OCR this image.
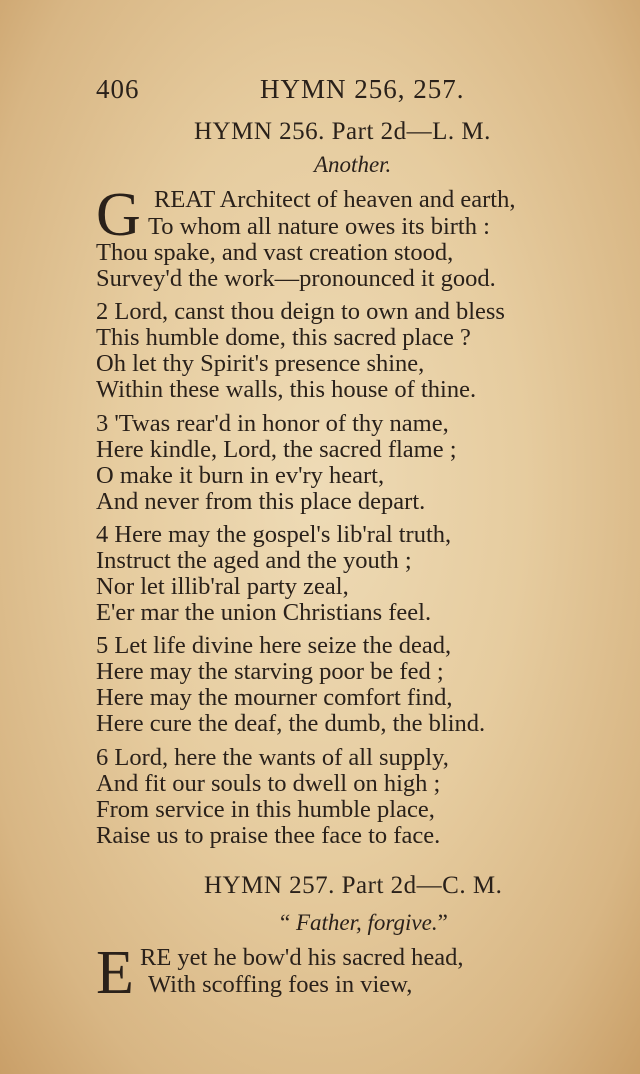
406	HYMN 256, 257.
HYMN 256. Part 2d—L. M.
Another.
G REAT Architect of heaven and earth,
To whom all nature owes its birth :
Thou spake, and vast creation stood,
Survey'd the work—pronounced it good.
2 Lord, canst thou deign to own and bless
This humble dome, this sacred place ?
Oh let thy Spirit's presence shine,
Within these walls, this house of thine.
3 'Twas rear'd in honor of thy name,
Here kindle, Lord, the sacred flame ;
O make it burn in ev'ry heart,
And never from this place depart.
4 Here may the gospel's lib'ral truth,
Instruct the aged and the youth ;
Nor let illib'ral party zeal,
E'er mar the union Christians feel.
5 Let life divine here seize the dead,
Here may the starving poor be fed ;
Here may the mourner comfort find,
Here cure the deaf, the dumb, the blind.
6 Lord, here the wants of all supply,
And fit our souls to dwell on high ;
From service in this humble place,
Raise us to praise thee face to face.
HYMN 257. Part 2d—C. M.
“ Father, forgive.”
E RE yet he bow'd his sacred head,
With scoffing foes in view,
